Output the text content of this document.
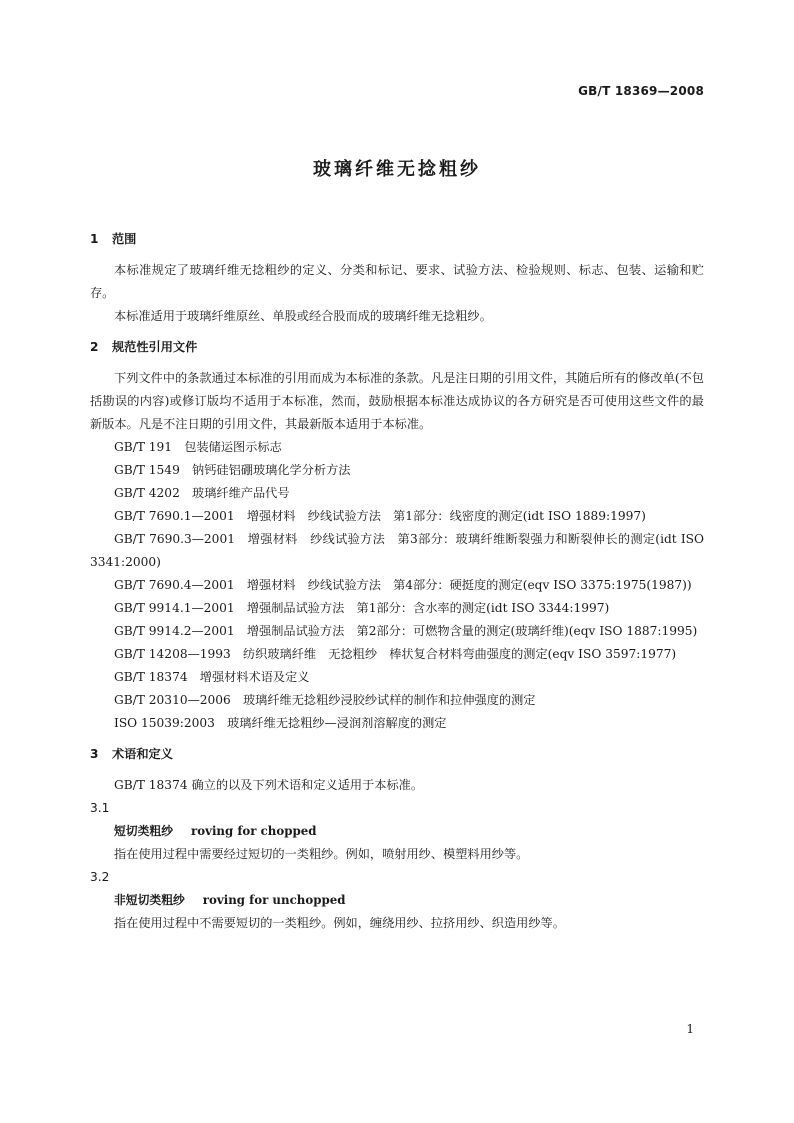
GB/T 18369—2008
玻璃纤维无捻粗纱
1 范围

本标准规定了玻璃纤维无捻粗纱的定义、分类和标记、要求、试验方法、检验规则、标志、包装、运输和贮存。

本标准适用于玻璃纤维原丝、单股或经合股而成的玻璃纤维无捻粗纱。

2 规范性引用文件

下列文件中的条款通过本标准的引用而成为本标准的条款。凡是注日期的引用文件，其随后所有的修改单(不包括勘误的内容)或修订版均不适用于本标准，然而，鼓励根据本标准达成协议的各方研究是否可使用这些文件的最新版本。凡是不注日期的引用文件，其最新版本适用于本标准。

GB/T 191　包装储运图示标志

GB/T 1549　钠钙硅铝硼玻璃化学分析方法

GB/T 4202　玻璃纤维产品代号

GB/T 7690.1—2001　增强材料　纱线试验方法　第1部分：线密度的测定(idt ISO 1889:1997)

GB/T 7690.3—2001　增强材料　纱线试验方法　第3部分：玻璃纤维断裂强力和断裂伸长的测定(idt ISO 3341:2000)

GB/T 7690.4—2001　增强材料　纱线试验方法　第4部分：硬挺度的测定(eqv ISO 3375:1975(1987))

GB/T 9914.1—2001　增强制品试验方法　第1部分：含水率的测定(idt ISO 3344:1997)

GB/T 9914.2—2001　增强制品试验方法　第2部分：可燃物含量的测定(玻璃纤维)(eqv ISO 1887:1995)

GB/T 14208—1993　纺织玻璃纤维　无捻粗纱　棒状复合材料弯曲强度的测定(eqv ISO 3597:1977)

GB/T 18374　增强材料术语及定义

GB/T 20310—2006　玻璃纤维无捻粗纱浸胶纱试样的制作和拉伸强度的测定

ISO 15039:2003　玻璃纤维无捻粗纱—浸润剂溶解度的测定

3 术语和定义

GB/T 18374 确立的以及下列术语和定义适用于本标准。

3.1
短切类粗纱 roving for chopped

指在使用过程中需要经过短切的一类粗纱。例如，喷射用纱、模塑料用纱等。

3.2
非短切类粗纱 roving for unchopped

指在使用过程中不需要短切的一类粗纱。例如，缠绕用纱、拉挤用纱、织造用纱等。

1
